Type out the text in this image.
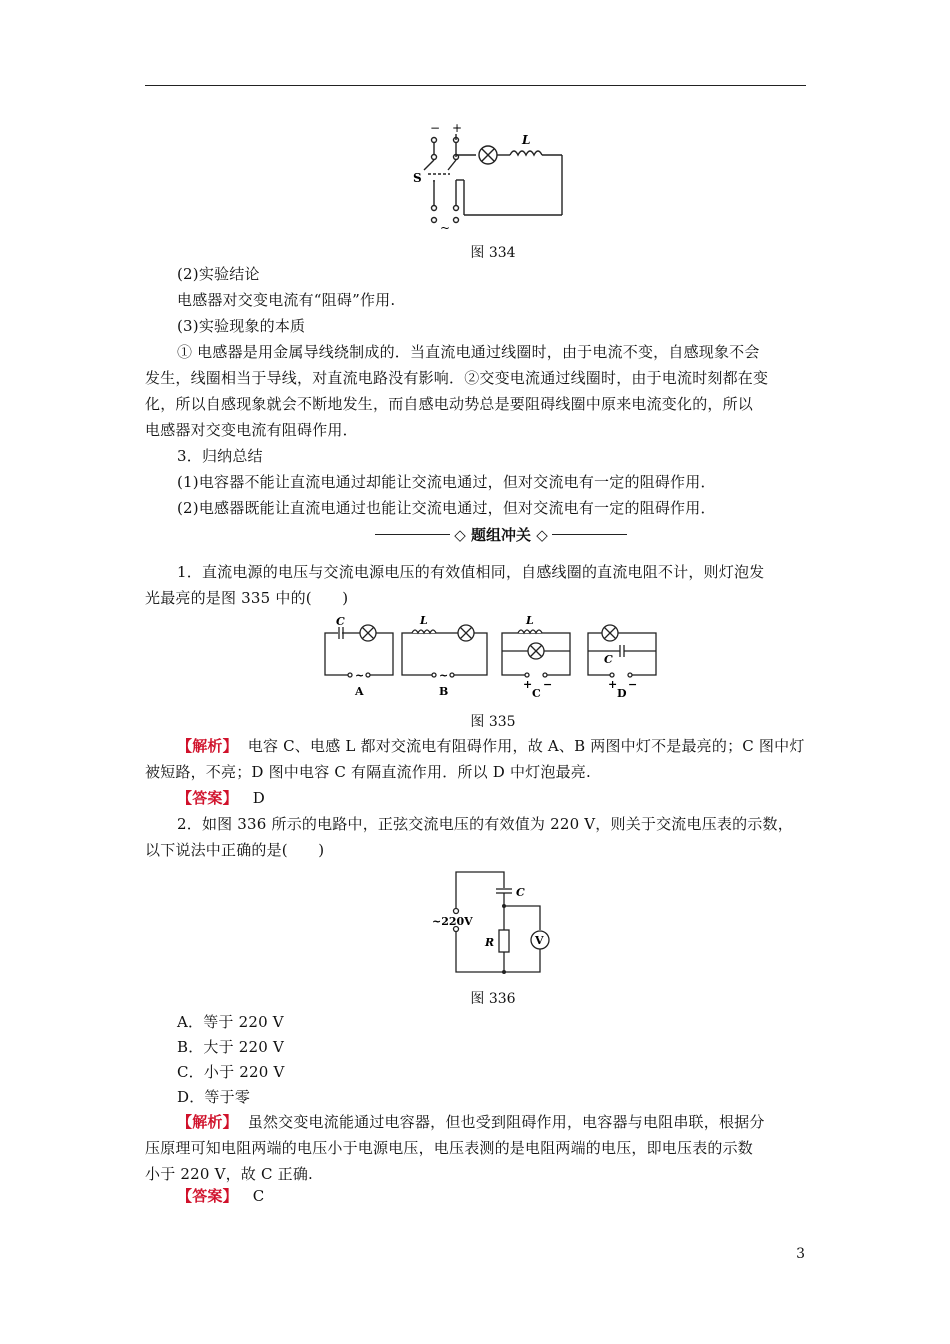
− +
S
L
~
图 334
(2)实验结论
电感器对交变电流有“阻碍”作用.
(3)实验现象的本质
① 电感器是用金属导线绕制成的．当直流电通过线圈时，由于电流不变，自感现象不会
发生，线圈相当于导线，对直流电路没有影响．②交变电流通过线圈时，由于电流时刻都在变
化，所以自感现象就会不断地发生，而自感电动势总是要阻碍线圈中原来电流变化的，所以
电感器对交变电流有阻碍作用．
3．归纳总结
(1)电容器不能让直流电通过却能让交流电通过，但对交流电有一定的阻碍作用．
(2)电感器既能让直流电通过也能让交流电通过，但对交流电有一定的阻碍作用．
◇ 题组冲关 ◇
1．直流电源的电压与交流电源电压的有效值相同，自感线圈的直流电阻不计，则灯泡发
光最亮的是图 335 中的(　　)
C
~
A
L
~
B
L
+ −
C
C
+ −
D
图 335
【解析】 电容 C、电感 L 都对交流电有阻碍作用，故 A、B 两图中灯不是最亮的；C 图中灯
被短路，不亮；D 图中电容 C 有隔直流作用．所以 D 中灯泡最亮.
【答案】 D
2．如图 336 所示的电路中，正弦交流电压的有效值为 220 V，则关于交流电压表的示数，
以下说法中正确的是(　　)
~220V
C
R	V
图 336
A．等于 220 V
B．大于 220 V
C．小于 220 V
D．等于零
【解析】 虽然交变电流能通过电容器，但也受到阻碍作用，电容器与电阻串联，根据分
压原理可知电阻两端的电压小于电源电压，电压表测的是电阻两端的电压，即电压表的示数
小于 220 V，故 C 正确.
【答案】 C
3
